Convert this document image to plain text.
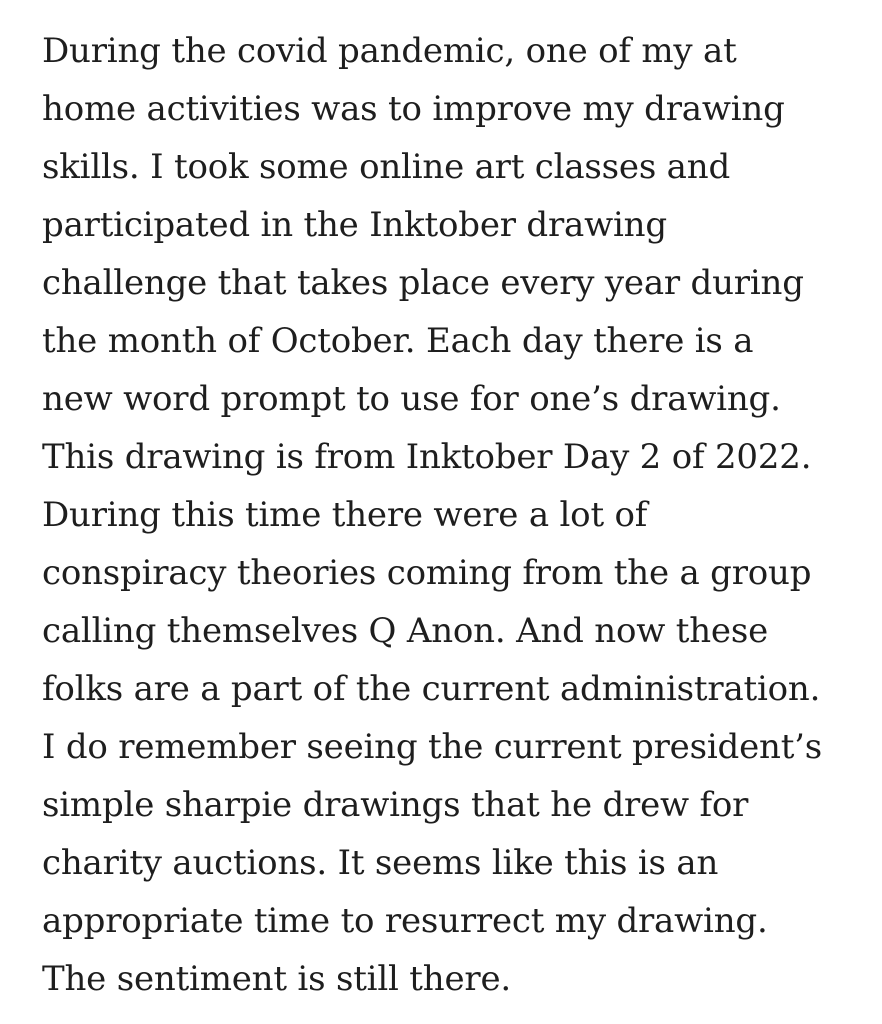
During the covid pandemic, one of my at
home activities was to improve my drawing
skills. I took some online art classes and
participated in the Inktober drawing
challenge that takes place every year during
the month of October. Each day there is a
new word prompt to use for one’s drawing.
This drawing is from Inktober Day 2 of 2022.
During this time there were a lot of
conspiracy theories coming from the a group
calling themselves Q Anon. And now these
folks are a part of the current administration.
I do remember seeing the current president’s
simple sharpie drawings that he drew for
charity auctions. It seems like this is an
appropriate time to resurrect my drawing.
The sentiment is still there.
